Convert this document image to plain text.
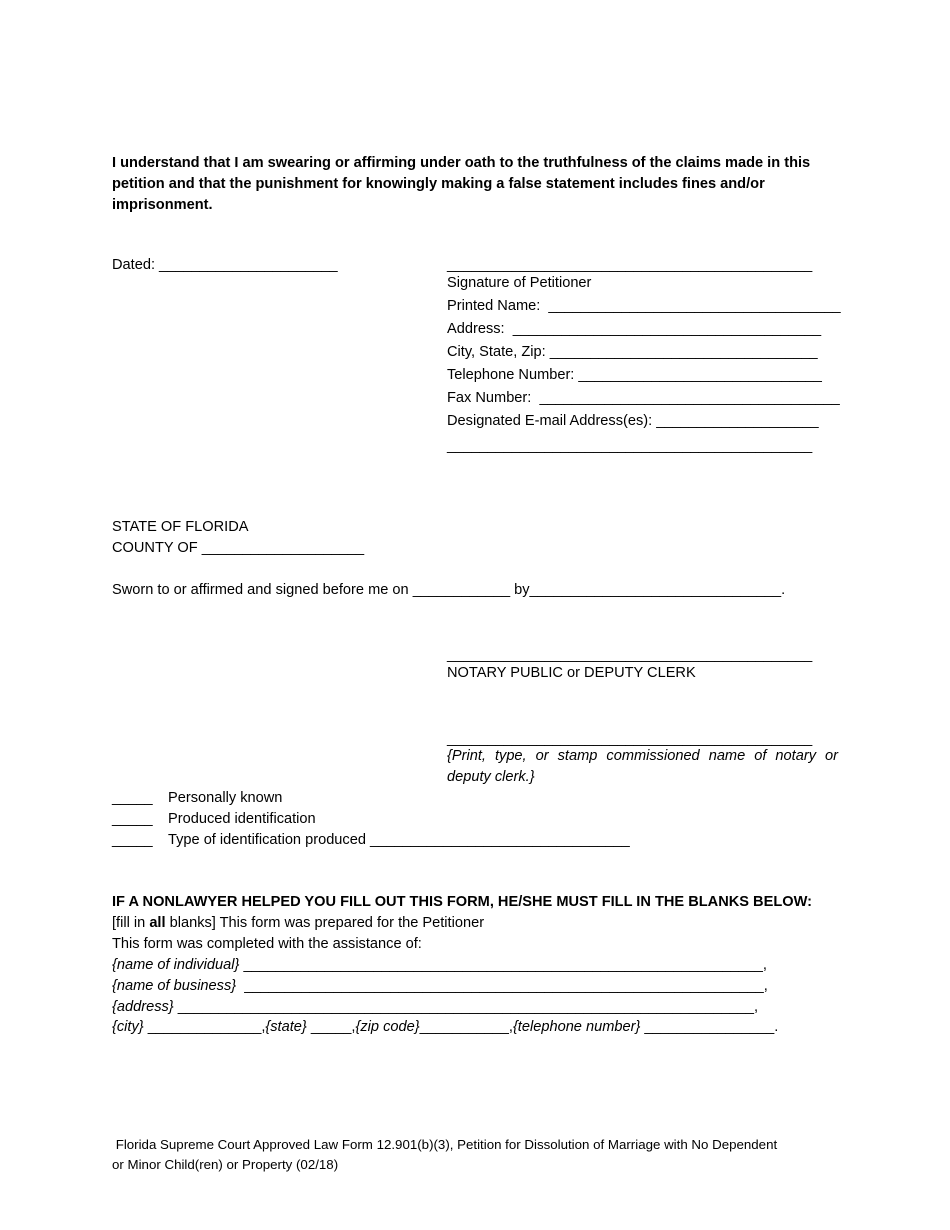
I understand that I am swearing or affirming under oath to the truthfulness of the claims made in this petition and that the punishment for knowingly making a false statement includes fines and/or imprisonment.
Dated: ______________________	_____________________________________________
Signature of Petitioner
Printed Name:  ____________________________________
Address:  ______________________________________
City, State, Zip: _________________________________
Telephone Number: ______________________________
Fax Number:  _____________________________________
Designated E-mail Address(es): ____________________
_____________________________________________
STATE OF FLORIDA
COUNTY OF ____________________
Sworn to or affirmed and signed before me on ____________ by_______________________________.
_____________________________________________
NOTARY PUBLIC or DEPUTY CLERK
_____________________________________________
{Print, type, or stamp commissioned name of notary or
deputy clerk.}
_____ Personally known
_____ Produced identification
_____ Type of identification produced ________________________________
IF A NONLAWYER HELPED YOU FILL OUT THIS FORM, HE/SHE MUST FILL IN THE BLANKS BELOW:
[fill in all blanks] This form was prepared for the Petitioner
This form was completed with the assistance of:
{name of individual} ________________________________________________________________,
{name of business}  ________________________________________________________________,
{address} _______________________________________________________________________,
{city} ______________,{state} _____,{zip code}___________,{telephone number} ________________.
Florida Supreme Court Approved Law Form 12.901(b)(3), Petition for Dissolution of Marriage with No Dependent
or Minor Child(ren) or Property (02/18)
